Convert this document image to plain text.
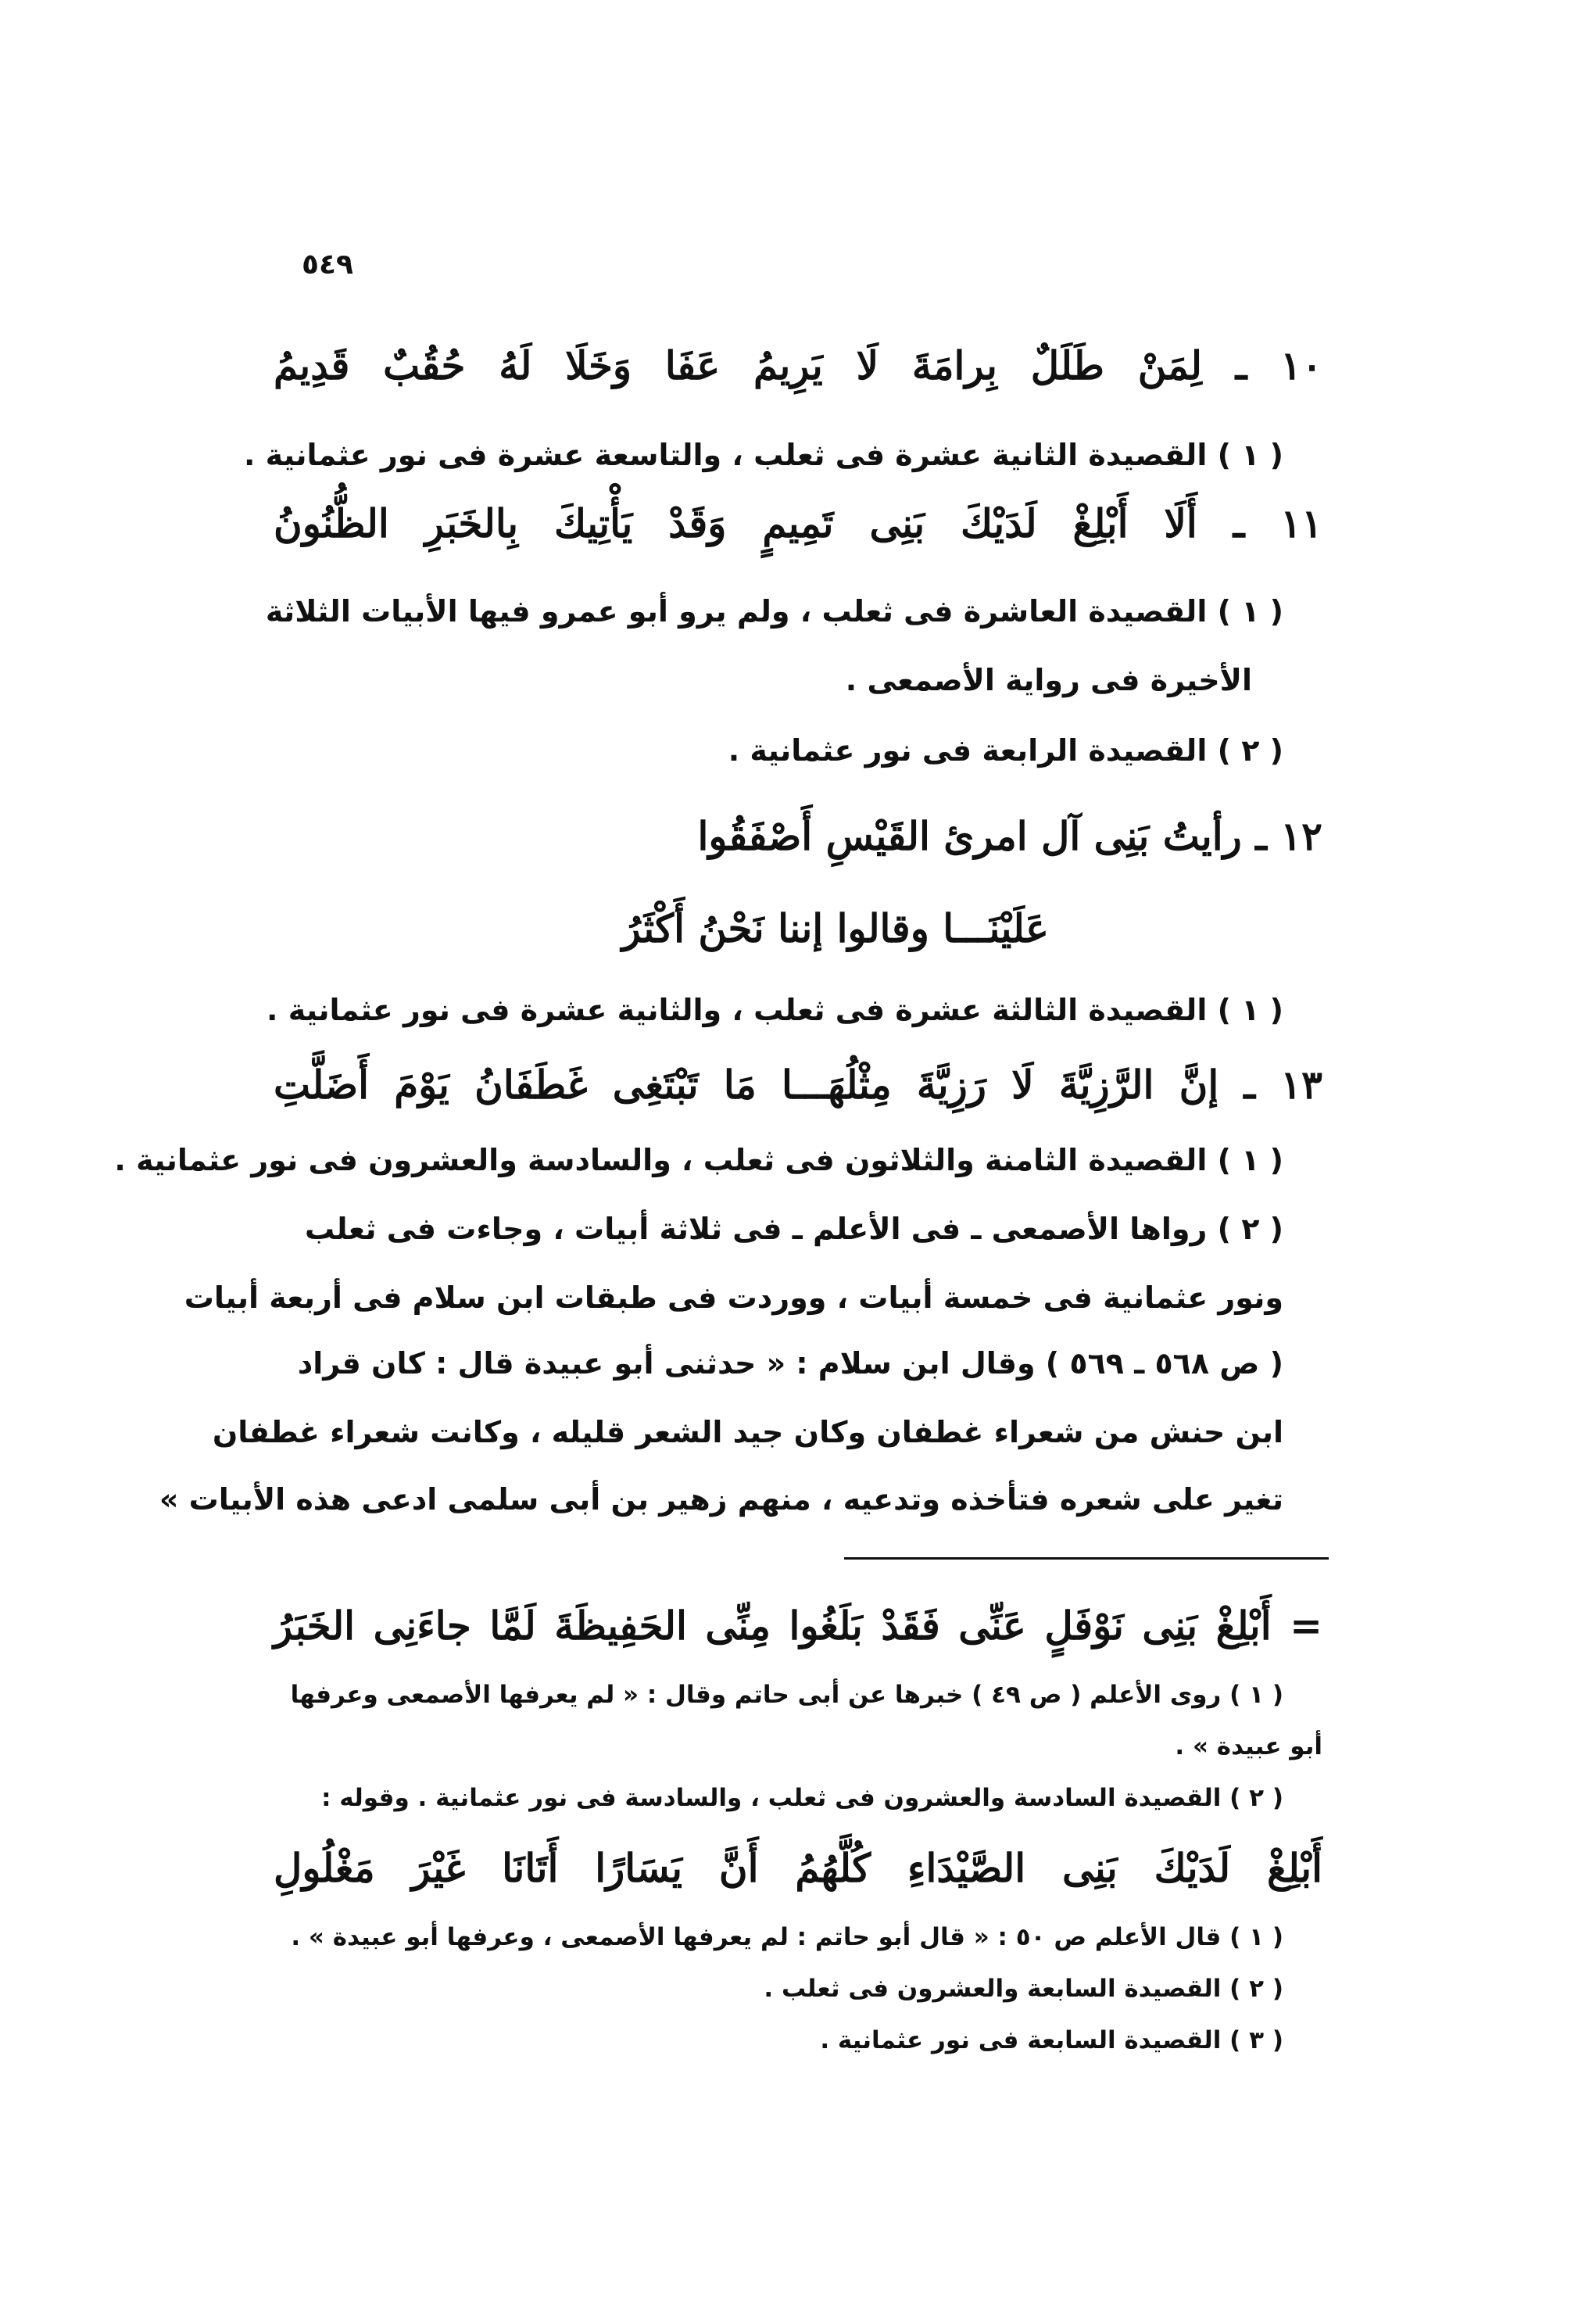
٥٤٩
١٠ ـ لِمَنْ طَلَلٌ بِرامَةَ لَا يَرِيمُ عَفَا وَخَلَا لَهُ حُقُبٌ قَدِيمُ
( ١ ) القصيدة الثانية عشرة فى ثعلب ، والتاسعة عشرة فى نور عثمانية .
١١ ـ أَلَا أَبْلِغْ لَدَيْكَ بَنِى تَمِيمٍ وَقَدْ يَأْتِيكَ بِالخَبَرِ الظُّنُونُ
( ١ ) القصيدة العاشرة فى ثعلب ، ولم يرو أبو عمرو فيها الأبيات الثلاثة
الأخيرة فى رواية الأصمعى .
( ٢ ) القصيدة الرابعة فى نور عثمانية .
١٢ ـ رأيتُ بَنِى آل امرئ القَيْسِ أَصْفَقُوا
عَلَيْنَـــا وقالوا إننا نَحْنُ أَكْثَرُ
( ١ ) القصيدة الثالثة عشرة فى ثعلب ، والثانية عشرة فى نور عثمانية .
١٣ ـ إنَّ الرَّزِيَّةَ لَا رَزِيَّةَ مِثْلُهَـــا مَا تَبْتَغِى غَطَفَانُ يَوْمَ أَضَلَّتِ
( ١ ) القصيدة الثامنة والثلاثون فى ثعلب ، والسادسة والعشرون فى نور عثمانية .
( ٢ ) رواها الأصمعى ـ فى الأعلم ـ فى ثلاثة أبيات ، وجاءت فى ثعلب
ونور عثمانية فى خمسة أبيات ، ووردت فى طبقات ابن سلام فى أربعة أبيات
( ص ٥٦٨ ـ ٥٦٩ ) وقال ابن سلام : « حدثنى أبو عبيدة قال : كان قراد
ابن حنش من شعراء غطفان وكان جيد الشعر قليله ، وكانت شعراء غطفان
تغير على شعره فتأخذه وتدعيه ، منهم زهير بن أبى سلمى ادعى هذه الأبيات »
= أَبْلِغْ بَنِى نَوْفَلٍ عَنِّى فَقَدْ بَلَغُوا مِنِّى الحَفِيظَةَ لَمَّا جاءَنِى الخَبَرُ
( ١ ) روى الأعلم ( ص ٤٩ ) خبرها عن أبى حاتم وقال : « لم يعرفها الأصمعى وعرفها
أبو عبيدة » .
( ٢ ) القصيدة السادسة والعشرون فى ثعلب ، والسادسة فى نور عثمانية . وقوله :
أَبْلِغْ لَدَيْكَ بَنِى الصَّيْدَاءِ كُلَّهُمُ أَنَّ يَسَارًا أَتَانَا غَيْرَ مَغْلُولِ
( ١ ) قال الأعلم ص ٥٠ : « قال أبو حاتم : لم يعرفها الأصمعى ، وعرفها أبو عبيدة » .
( ٢ ) القصيدة السابعة والعشرون فى ثعلب .
( ٣ ) القصيدة السابعة فى نور عثمانية .
